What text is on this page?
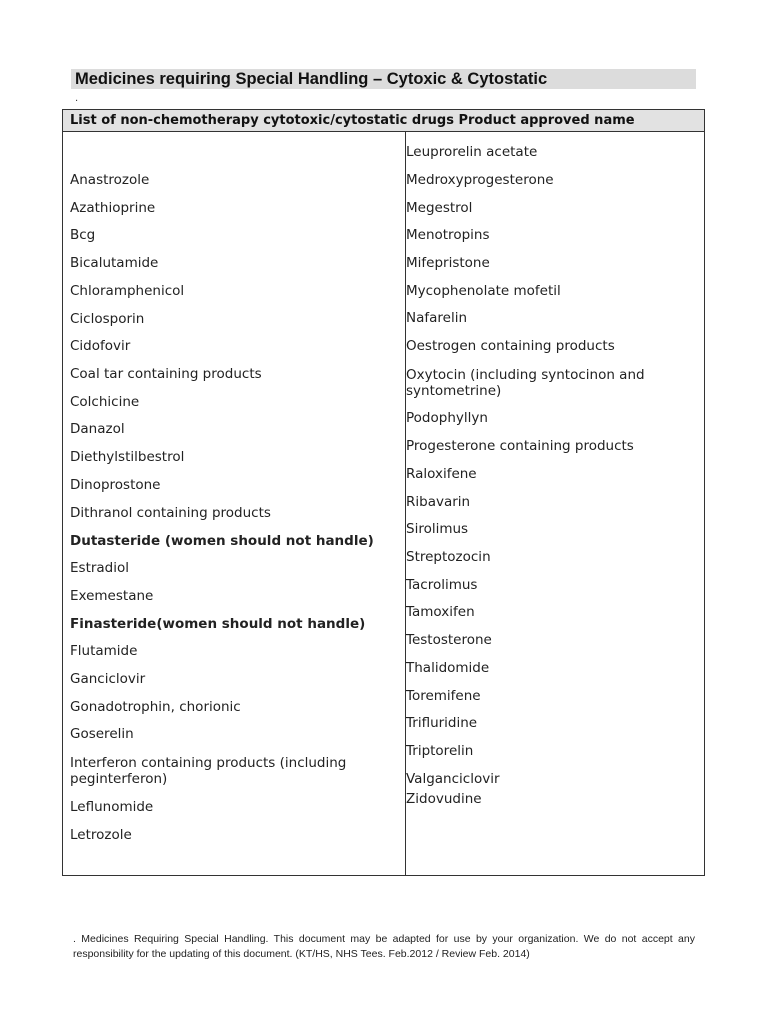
Medicines requiring Special Handling – Cytoxic & Cytostatic
.
List of non-chemotherapy cytotoxic/cytostatic drugs Product approved name
Anastrozole
Azathioprine
Bcg
Bicalutamide
Chloramphenicol
Ciclosporin
Cidofovir
Coal tar containing products
Colchicine
Danazol
Diethylstilbestrol
Dinoprostone
Dithranol containing products
Dutasteride (women should not handle)
Estradiol
Exemestane
Finasteride(women should not handle)
Flutamide
Ganciclovir
Gonadotrophin, chorionic
Goserelin
Interferon containing products (including
peginterferon)
Leflunomide
Letrozole
Leuprorelin acetate
Medroxyprogesterone
Megestrol
Menotropins
Mifepristone
Mycophenolate mofetil
Nafarelin
Oestrogen containing products
Oxytocin (including syntocinon and
syntometrine)
Podophyllyn
Progesterone containing products
Raloxifene
Ribavarin
Sirolimus
Streptozocin
Tacrolimus
Tamoxifen
Testosterone
Thalidomide
Toremifene
Trifluridine
Triptorelin
Valganciclovir
Zidovudine
. Medicines Requiring Special Handling. This document may be adapted for use by your organization. We do not accept any responsibility for the updating of this document. (KT/HS, NHS Tees. Feb.2012 / Review Feb. 2014)
